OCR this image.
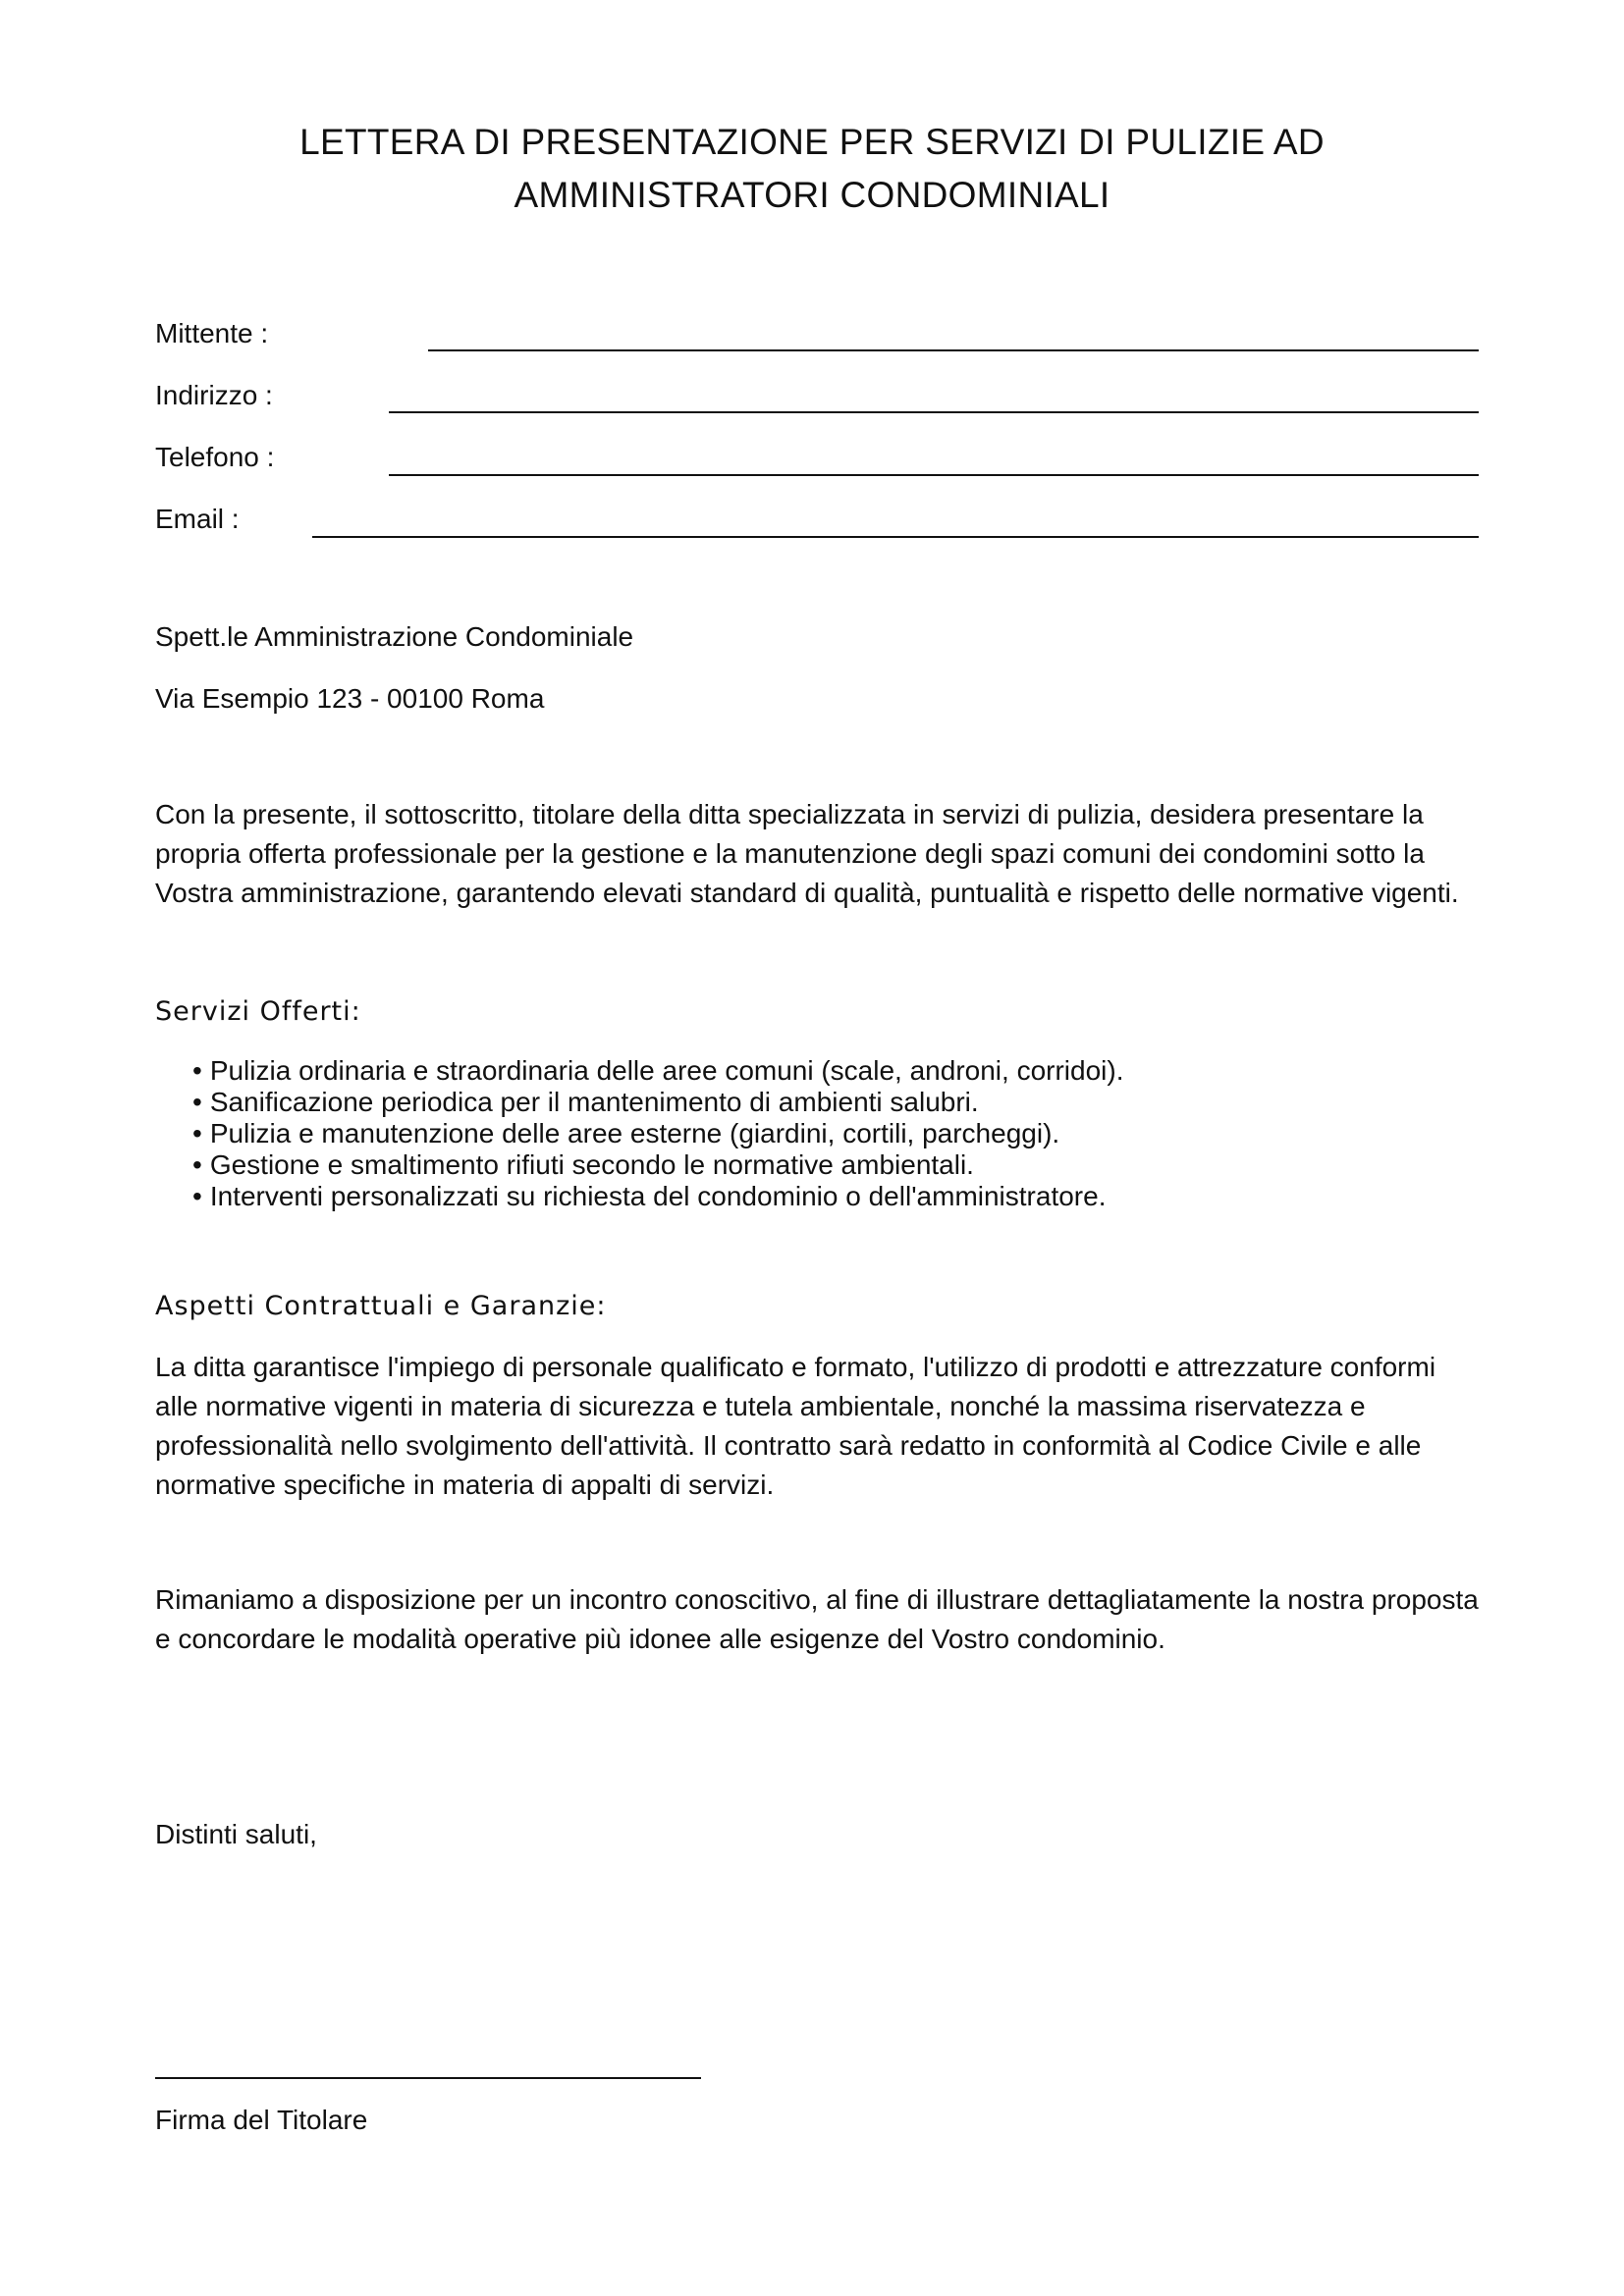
LETTERA DI PRESENTAZIONE PER SERVIZI DI PULIZIE AD
AMMINISTRATORI CONDOMINIALI
Mittente :
Indirizzo :
Telefono :
Email :
Spett.le Amministrazione Condominiale
Via Esempio 123 - 00100 Roma
Con la presente, il sottoscritto, titolare della ditta specializzata in servizi di pulizia, desidera presentare la
propria offerta professionale per la gestione e la manutenzione degli spazi comuni dei condomini sotto la
Vostra amministrazione, garantendo elevati standard di qualità, puntualità e rispetto delle normative vigenti.
Servizi Offerti:
• Pulizia ordinaria e straordinaria delle aree comuni (scale, androni, corridoi).
• Sanificazione periodica per il mantenimento di ambienti salubri.
• Pulizia e manutenzione delle aree esterne (giardini, cortili, parcheggi).
• Gestione e smaltimento rifiuti secondo le normative ambientali.
• Interventi personalizzati su richiesta del condominio o dell'amministratore.
Aspetti Contrattuali e Garanzie:
La ditta garantisce l'impiego di personale qualificato e formato, l'utilizzo di prodotti e attrezzature conformi
alle normative vigenti in materia di sicurezza e tutela ambientale, nonché la massima riservatezza e
professionalità nello svolgimento dell'attività. Il contratto sarà redatto in conformità al Codice Civile e alle
normative specifiche in materia di appalti di servizi.
Rimaniamo a disposizione per un incontro conoscitivo, al fine di illustrare dettagliatamente la nostra proposta
e concordare le modalità operative più idonee alle esigenze del Vostro condominio.
Distinti saluti,
Firma del Titolare
